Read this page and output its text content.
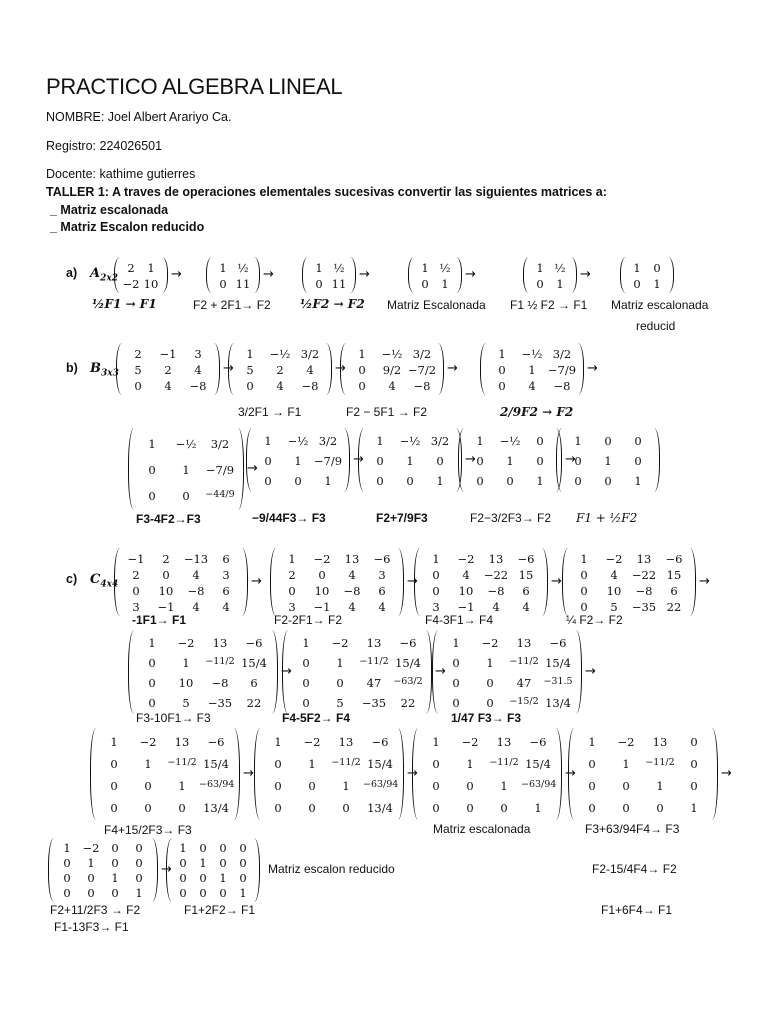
PRACTICO ALGEBRA LINEAL
NOMBRE: Joel Albert Arariyo Ca.
Registro: 224026501
Docente: kathime gutierres
TALLER 1: A traves de operaciones elementales sucesivas convertir las siguientes matrices a:
_ Matriz escalonada
_ Matriz Escalon reducido
a) $A_{2x2}$
½F1 → F1	F2 + 2F1→ F2 ½F2 → F2 Matriz Escalonada F1 ½ F2 → F1 Matriz escalonada
reducid
b) $B_{3x3}$
3/2F1 → F1	F2 − 5F1 → F2	2/9F2 → F2
F3-4F2→F3	−9/44F3→ F3	F2+7/9F3	F2−3/2F3→ F2 F1 + ½F2
c) $C_{4x4}$
-1F1→ F1	F2-2F1→ F2	F4-3F1→ F4	¼ F2→ F2
F3-10F1→ F3	F4-5F2→ F4	1/47 F3→ F3
F4+15/2F3→ F3	Matriz escalonada	F3+63/94F4→ F3
Matriz escalon reducido	F2-15/4F4→ F2
F2+11/2F3 → F2	F1+2F2→ F1	F1+6F4→ F1
F1-13F3→ F1
2	1
−2 10
→	1 ½
0 11
→	1 ½
0 11
→	1 ½
0	1
→	1 ½
0	1
→	1	0
0	1
2	−1	3
5	2	4
0	4	−8
→
1	−½ 3/2
5	2	4
0	4	−8
→
1	−½ 3/2
0	9/2 −7/2
0	4	−8
→
1	−½ 3/2
0	1	−7/9
0	4	−8
→
1	−½	3/2
0	1	−7/9
0	0	−44/9
→
1	−½ 3/2
0	1	−7/9
0	0	1
→
1	−½ 3/2
0	1	0
0	0	1
→
1	−½	0
0	1	0
0	0	1
→
1	0	0
0	1	0
0	0	1
−1	2	−13	6
2	0	4	3
0	10	−8	6
3	−1	4	4
→
1	−2	13	−6
2	0	4	3
0	10	−8	6
3	−1	4	4
→
1	−2	13	−6
0	4	−22 15
0	10	−8	6
3	−1	4	4
→
1	−2	13	−6
0	4	−22 15
0	10	−8	6
0	5	−35 22
→
1	−2	13	−6
0	1	−11/2 15/4
0	10	−8	6
0	5	−35	22
→
1	−2	13	−6
0	1	−11/2 15/4
0	0	47	−63/2
0	5	−35	22
→
1	−2	13	−6
0	1	−11/2 15/4
0	0	47	−31.5
0	0	−15/2 13/4
→
1	−2	13	−6
0	1	−11/2 15/4
0	0	1	−63/94
0	0	0	13/4
→
1	−2	13	−6
0	1	−11/2 15/4
0	0	1	−63/94
0	0	0	13/4
→
1	−2	13	−6
0	1	−11/2 15/4
0	0	1	−63/94
0	0	0	1
→
1	−2	13	0
0	1	−11/2	0
0	0	1	0
0	0	0	1
→
1	−2	0	0
0	1	0	0
0	0	1	0
0	0	0	1
→
1	0	0	0
0	1	0	0
0	0	1	0
0	0	0	1
